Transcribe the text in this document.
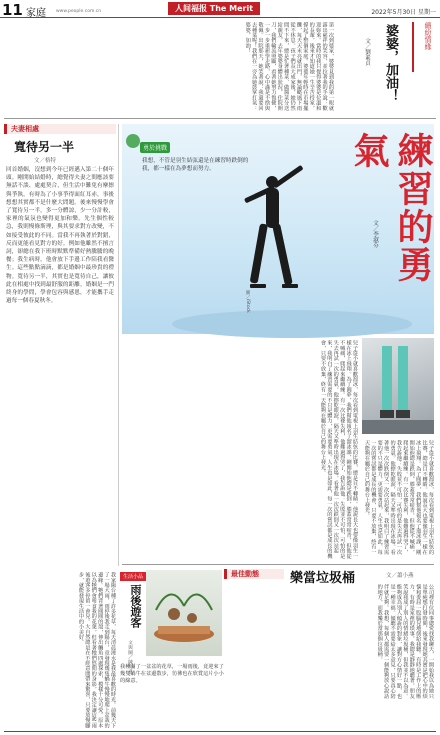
11 家庭 www.people.com.cn	人间福报 The Merit Times
2022年5月30日 星期一
第一次到婆家，婆婆見到我的第一眼就露出慈祥的笑容，並拉著我的手說：歡迎妳來。當時的我只覺得婆婆是位溫和的長輩，後來才知道她一生辛苦持家，撐起了整個家庭。婆婆年輕時在市場擺攤，每天天未亮就出門，無論颳風下雨從不休息。孩子們長大成家後，她仍然閒不下來，總是忙著種菜、做醬菜分送給親友。去年婆婆身體出狀況，住院開刀，我們輪流照顧，看著她努力復健，一步一步重新學走路，心中滿是不捨與敬佩。出院那天，她笑著說：我還要回去種菜呢！我們在一旁為她鼓掌打氣：婆婆，加油！	婆婆，加油！
文／劉素貞
繽紛情緣
夫妻相處
寬待另一半
文／格特
回首婚姻，沒想到今年已經邁入第二十個年頭。剛開始結婚時，總覺得夫妻之間應該要無話不談、處處契合，但生活中難免有摩擦與爭執。有時為了小事爭得面紅耳赤，事後想想其實都不是什麼大問題。後來慢慢學會了寬待另一半，多一分體諒，少一分計較，家裡的氣氛也變得更加和樂。先生個性較急，我則慢條斯理，與其要求對方改變，不如接受彼此的不同。當我不再執著於對錯，反而更能看見對方的好。例如他雖然不擅言詞，卻總在我下班時默默準備好熱騰騰的晚餐；我生病時，他會放下手邊工作陪我看醫生。這些點點滴滴，都是婚姻中最珍貴的禮物。寬待另一半，其實也是寬待自己，讓彼此在相處中找到最舒服的距離。婚姻是一門終身的學問，學會包容與感恩，才能攜手走過每一個春夏秋冬。
勇於挑戰
我想，不管是羽生結弦還是在練習時跌倒的我，都一樣在為夢想而努力。
圖／iStock
練習的勇氣
文／李淑芬
兒子從小就喜歡溜冰，每次看到電視上羽生結弦的比賽，總是目不轉睛。他說長大也要像羽生一樣在冰上飛翔。為了圓夢，我們幫他報名了溜冰課，剛開始他總是跌倒，膝蓋常常瘀青，但他從不喊痛，爬起來繼續練。有一次比賽失利，他難過得哭了，我告訴他：失敗並不可怕，可怕的是失去再試一次的勇氣。他擦乾眼淚，隔天又準時出現在冰場。看著他一次次跌倒又一次次站起來，我明白了練習需要的不只是體力，更需要勇氣。人生也是如此，每一次的嘗試都是成長的機會，只要不放棄，終有一天能夠在屬於自己的舞台上發光。
兒子從小就喜歡溜冰，每次看到電視上羽生結弦的比賽，總是目不轉睛。他說長大也要像羽生一樣在冰上飛翔。為了圓夢，我們幫他報名了溜冰課，剛開始他總是跌倒，膝蓋常常瘀青，但他從不喊痛，爬起來繼續練。有一次比賽失利，他難過得哭了，我告訴他：失敗並不可怕，可怕的是失去再試一次的勇氣。他擦乾眼淚，隔天又準時出現在冰場。看著他一次次跌倒又一次次站起來，我明白了練習需要的不只是體力，更需要勇氣。人生也是如此，每一次的嘗試都是成長的機會，只要不放棄，終有一天能夠在屬於自己的舞台上發光。
最佳動態	樂當垃圾桶	文／蕭小燕
公司裡有位同事總愛找我聊天，一開始我以為她只是單純想打發時間，後來發現她其實是把心中的煩惱和委屈一股腦兒地倒給我聽。有時是工作上的壓力，有時是家裡的瑣事，我總是靜靜地聽著。朋友笑說我成了別人的情緒垃圾桶，但我並不以為意。能夠成為別人傾訴的對象，讓對方心情好一點，也是一種幸福。傾聽不需要給太多意見，只要真心陪伴就足夠。我想，每個人都需要一個能夠放心說話的地方，而我樂於當那個垃圾桶。
生活小品
雨後遊客
文與圖／陳明君
我種滿了一盆盆的花草，一場雨後，竟迎來了幾隻蝸牛在盆邊散步，彷彿也在欣賞這片小小的綠意。
我家陽台種了許多花草，每天清晨澆水是我最喜歡的時光。前幾天下了一場大雨，雨停後我走到陽台，竟發現幾隻蝸牛慢慢地爬上盆栽的邊緣。牠們背著圓圓的殼，伸出觸角四處探索，模樣十分可愛。原本以為牠們會啃食我的花葉，但看著牠們悠閒的身影，我決定讓這些雨後遊客多停留一會兒。大自然總是在不經意間帶來驚喜，只要放慢腳步，就能發現生活中的小美好。
